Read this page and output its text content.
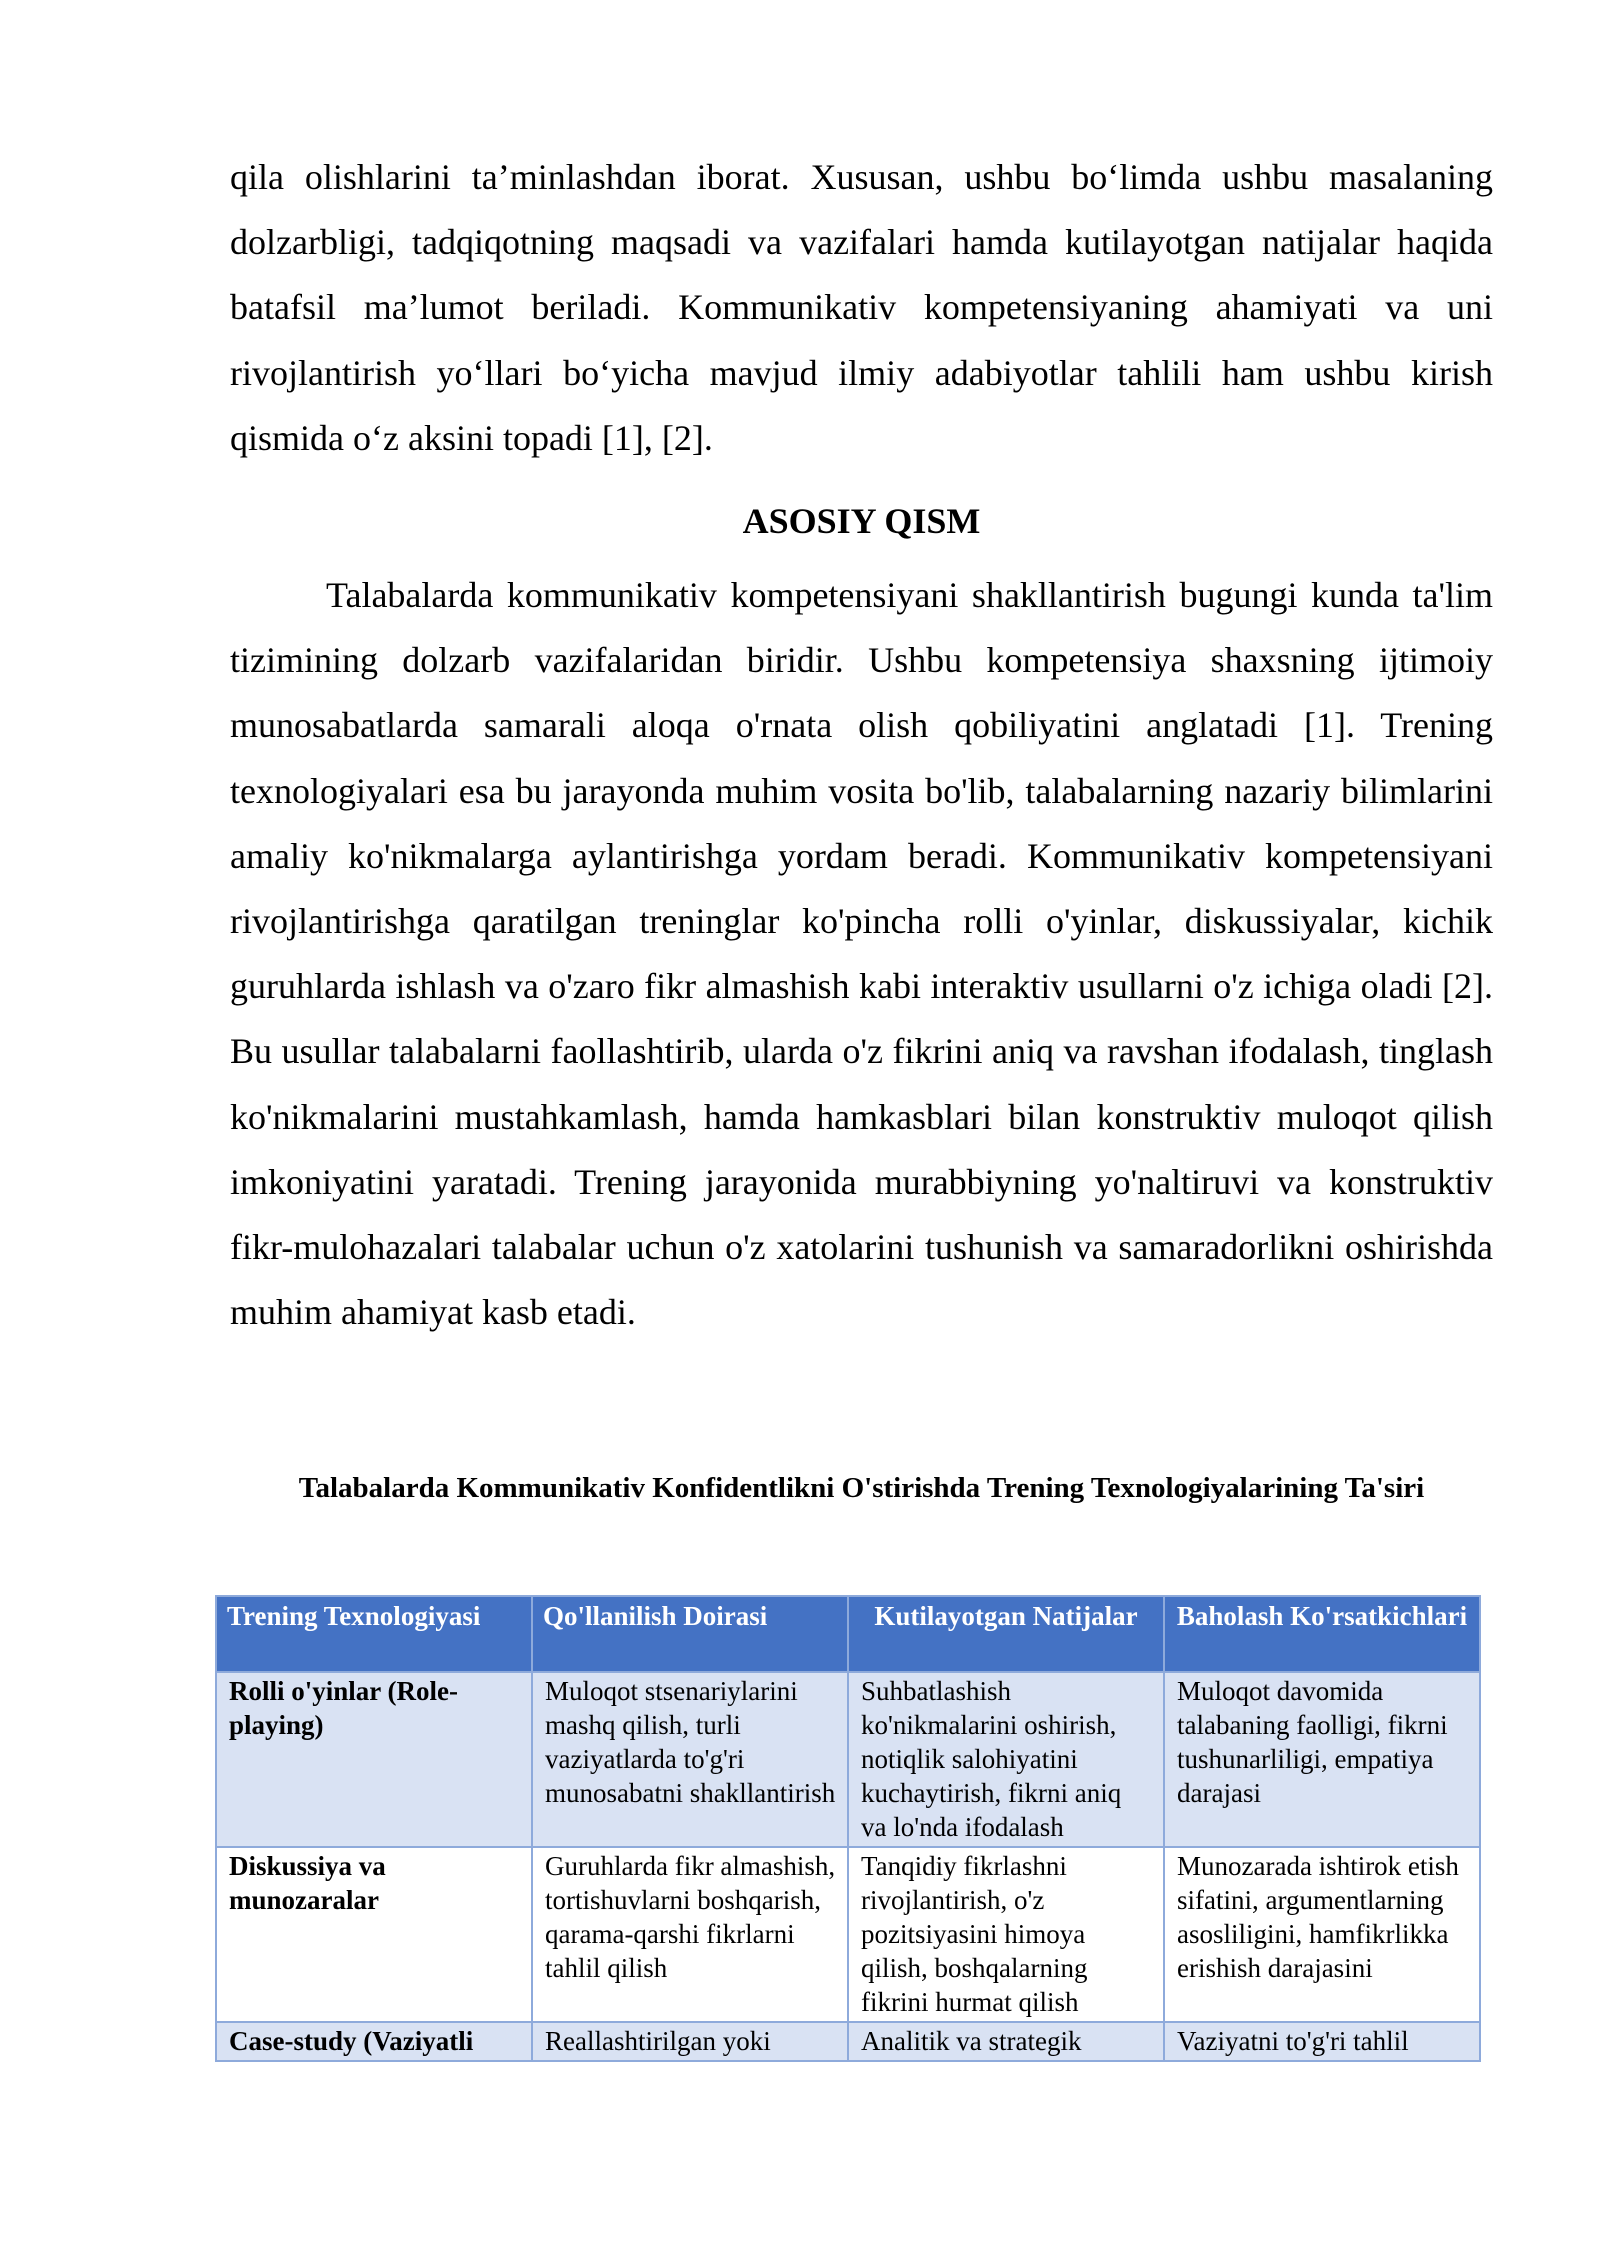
qila olishlarini ta’minlashdan iborat. Xususan, ushbu bo‘limda ushbu masalaning dolzarbligi, tadqiqotning maqsadi va vazifalari hamda kutilayotgan natijalar haqida batafsil ma’lumot beriladi. Kommunikativ kompetensiyaning ahamiyati va uni rivojlantirish yo‘llari bo‘yicha mavjud ilmiy adabiyotlar tahlili ham ushbu kirish qismida o‘z aksini topadi [1], [2].

ASOSIY QISM

Talabalarda kommunikativ kompetensiyani shakllantirish bugungi kunda ta'lim tizimining dolzarb vazifalaridan biridir. Ushbu kompetensiya shaxsning ijtimoiy munosabatlarda samarali aloqa o'rnata olish qobiliyatini anglatadi [1]. Trening texnologiyalari esa bu jarayonda muhim vosita bo'lib, talabalarning nazariy bilimlarini amaliy ko'nikmalarga aylantirishga yordam beradi. Kommunikativ kompetensiyani rivojlantirishga qaratilgan treninglar ko'pincha rolli o'yinlar, diskussiyalar, kichik guruhlarda ishlash va o'zaro fikr almashish kabi interaktiv usullarni o'z ichiga oladi [2]. Bu usullar talabalarni faollashtirib, ularda o'z fikrini aniq va ravshan ifodalash, tinglash ko'nikmalarini mustahkamlash, hamda hamkasblari bilan konstruktiv muloqot qilish imkoniyatini yaratadi. Trening jarayonida murabbiyning yo'naltiruvi va konstruktiv fikr-mulohazalari talabalar uchun o'z xatolarini tushunish va samaradorlikni oshirishda muhim ahamiyat kasb etadi.

Talabalarda Kommunikativ Konfidentlikni O'stirishda Trening Texnologiyalarining Ta'siri
Trening Texnologiyasi	Qo'llanilish Doirasi	Kutilayotgan Natijalar	Baholash Ko'rsatkichlari
Rolli o'yinlar (Role-playing)	Muloqot stsenariylarini mashq qilish, turli vaziyatlarda to'g'ri munosabatni shakllantirish	Suhbatlashish ko'nikmalarini oshirish, notiqlik salohiyatini kuchaytirish, fikrni aniq va lo'nda ifodalash	Muloqot davomida talabaning faolligi, fikrni tushunarliligi, empatiya darajasi
Diskussiya va munozaralar	Guruhlarda fikr almashish, tortishuvlarni boshqarish, qarama-qarshi fikrlarni tahlil qilish	Tanqidiy fikrlashni rivojlantirish, o'z pozitsiyasini himoya qilish, boshqalarning fikrini hurmat qilish	Munozarada ishtirok etish sifatini, argumentlarning asosliligini, hamfikrlikka erishish darajasini
Case-study (Vaziyatli	Reallashtirilgan yoki	Analitik va strategik	Vaziyatni to'g'ri tahlil
